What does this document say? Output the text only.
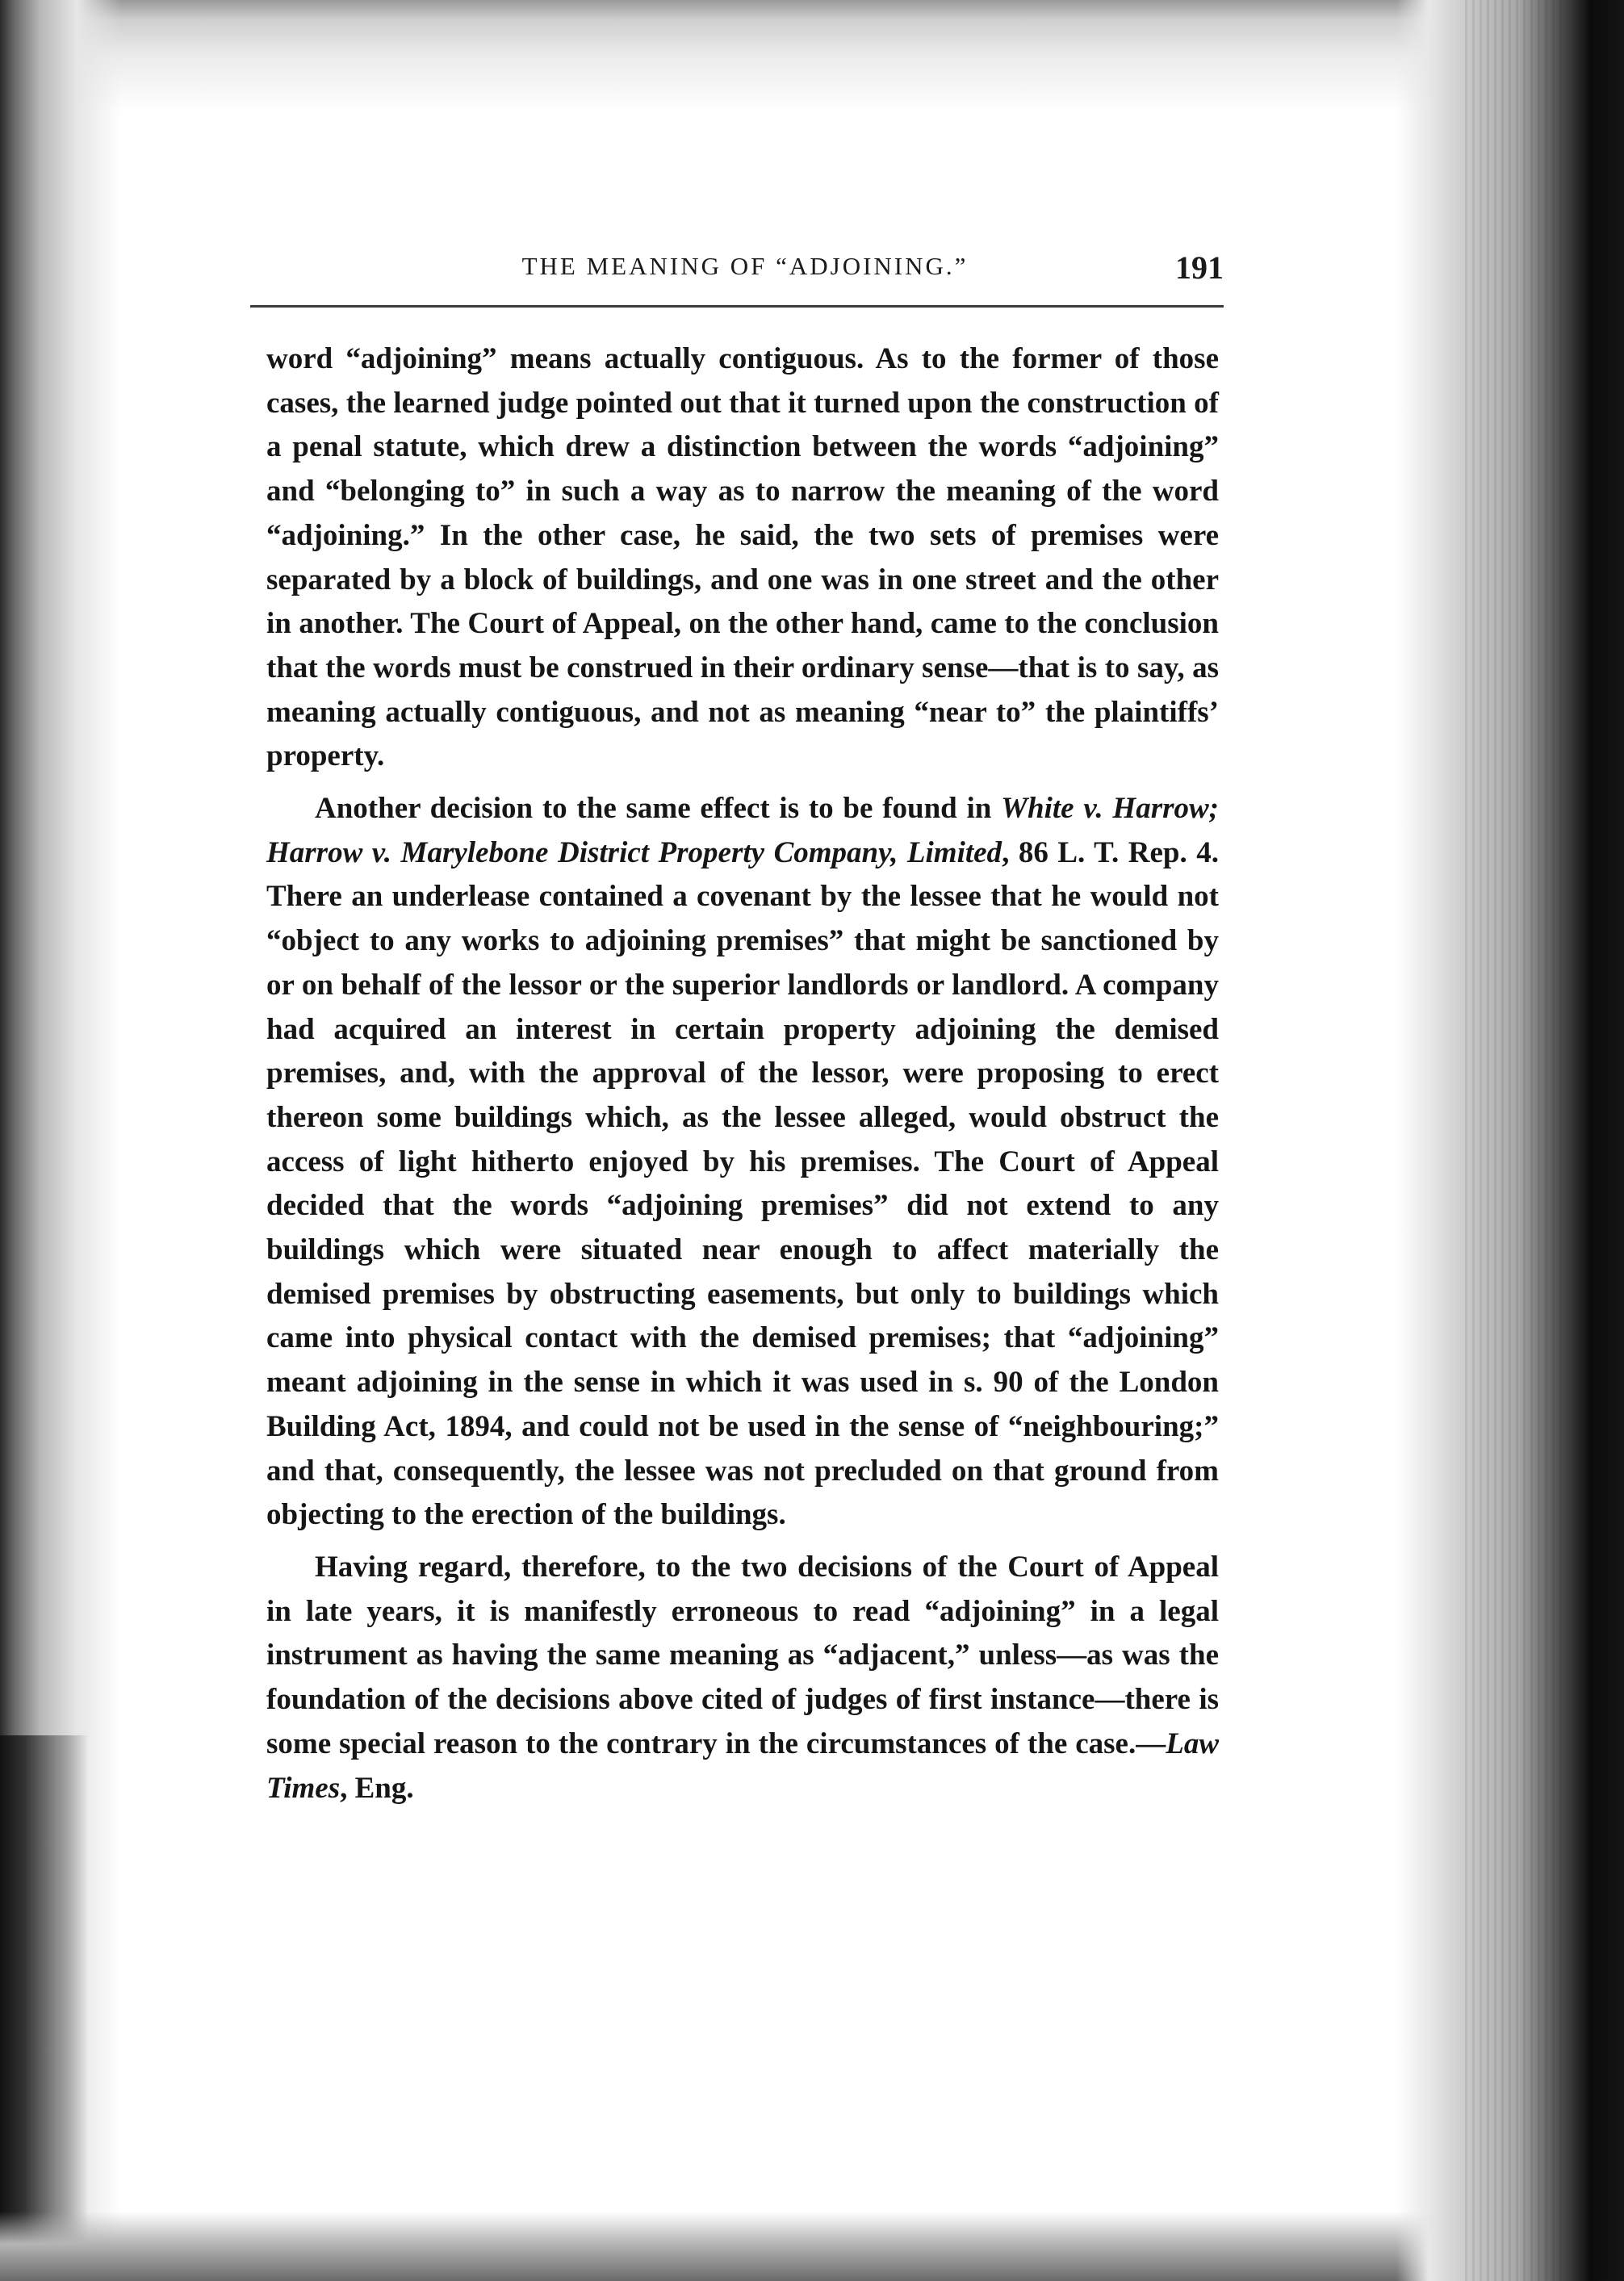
THE MEANING OF “ADJOINING.”	191

word “adjoining” means actually contiguous. As to the former of those cases, the learned judge pointed out that it turned upon the construction of a penal statute, which drew a distinction between the words “adjoining” and “belonging to” in such a way as to narrow the meaning of the word “adjoining.” In the other case, he said, the two sets of premises were separated by a block of buildings, and one was in one street and the other in another. The Court of Appeal, on the other hand, came to the conclusion that the words must be construed in their ordinary sense—that is to say, as meaning actually contiguous, and not as meaning “near to” the plaintiffs’ property.

Another decision to the same effect is to be found in White v. Harrow; Harrow v. Marylebone District Property Company, Limited, 86 L. T. Rep. 4. There an underlease contained a covenant by the lessee that he would not “object to any works to adjoining premises” that might be sanctioned by or on behalf of the lessor or the superior landlords or landlord. A company had acquired an interest in certain property adjoining the demised premises, and, with the approval of the lessor, were proposing to erect thereon some buildings which, as the lessee alleged, would obstruct the access of light hitherto enjoyed by his premises. The Court of Appeal decided that the words “adjoining premises” did not extend to any buildings which were situated near enough to affect materially the demised premises by obstructing easements, but only to buildings which came into physical contact with the demised premises; that “adjoining” meant adjoining in the sense in which it was used in s. 90 of the London Building Act, 1894, and could not be used in the sense of “neighbouring;” and that, consequently, the lessee was not precluded on that ground from objecting to the erection of the buildings.

Having regard, therefore, to the two decisions of the Court of Appeal in late years, it is manifestly erroneous to read “adjoining” in a legal instrument as having the same meaning as “adjacent,” unless—as was the foundation of the decisions above cited of judges of first instance—there is some special reason to the contrary in the circumstances of the case.—Law Times, Eng.
